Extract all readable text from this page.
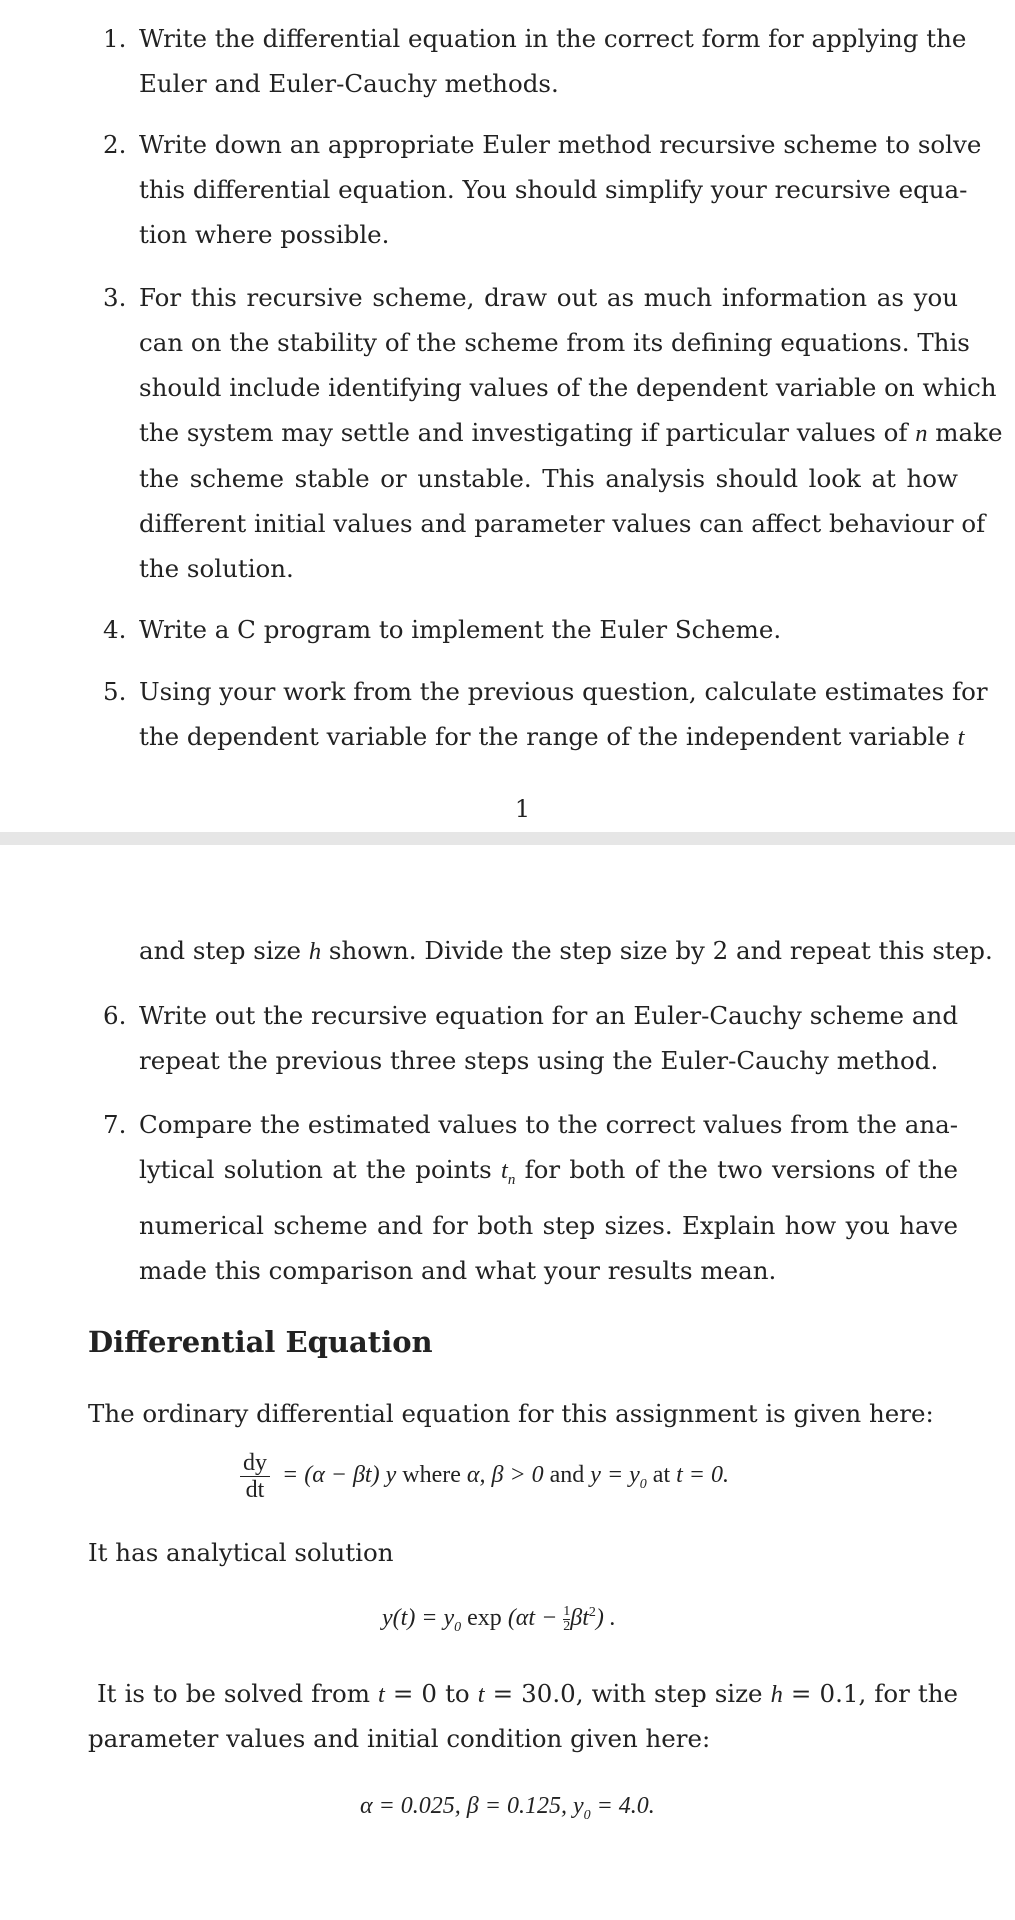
1. Write the differential equation in the correct form for applying the
Euler and Euler-Cauchy methods.
2. Write down an appropriate Euler method recursive scheme to solve
this differential equation. You should simplify your recursive equa-
tion where possible.
3. For this recursive scheme, draw out as much information as you
can on the stability of the scheme from its defining equations. This
should include identifying values of the dependent variable on which
the system may settle and investigating if particular values of n make
the scheme stable or unstable. This analysis should look at how
different initial values and parameter values can affect behaviour of
the solution.
4. Write a C program to implement the Euler Scheme.
5. Using your work from the previous question, calculate estimates for
the dependent variable for the range of the independent variable t
1
and step size h shown. Divide the step size by 2 and repeat this step.
6. Write out the recursive equation for an Euler-Cauchy scheme and
repeat the previous three steps using the Euler-Cauchy method.
7. Compare the estimated values to the correct values from the ana-
lytical solution at the points $t_n$ for both of the two versions of the
numerical scheme and for both step sizes. Explain how you have
made this comparison and what your results mean.
Differential Equation
The ordinary differential equation for this assignment is given here:
$\frac{dy}{dt} = (\alpha - \beta t)$ y where α, β > 0 and $y = y_0$ at t = 0.
It has analytical solution
$y(t) = y_0$ $\exp (\alpha t - \frac{1}{2}\beta t^2)$ .
It is to be solved from t = 0 to t = 30.0, with step size h = 0.1, for the
parameter values and initial condition given here:
α = 0.025, β = 0.125, $y_0 = 4.0$.
